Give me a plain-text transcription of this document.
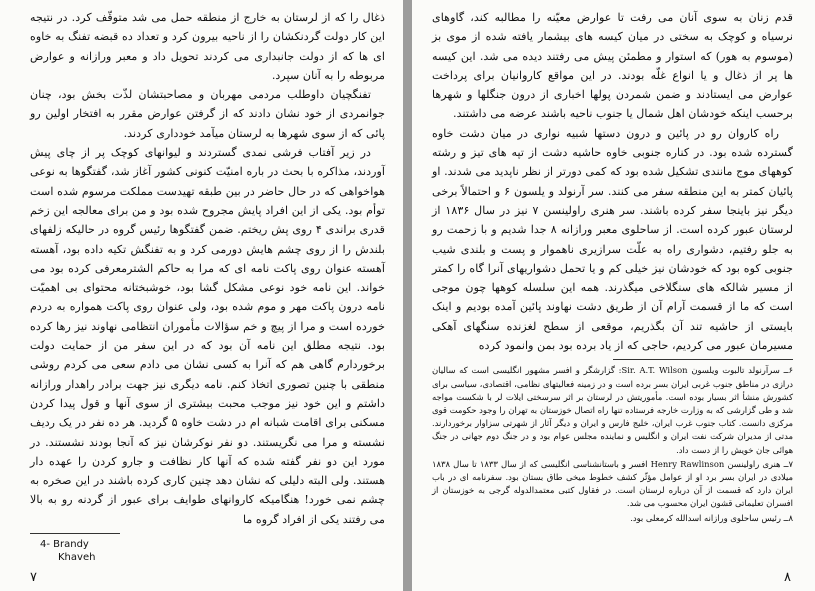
ذغال را که از لرستان به خارج از منطقه حمل می شد متوقّف کرد. در نتیجه این کار دولت گردنکشان را از ناحیه بیرون کرد و تعداد ده قبضه تفنگ به خاوه ای ها که از دولت جانبداری می کردند تحویل داد و معبر ورازانه و عوارض مربوطه را به آنان سپرد.

تفنگچیان داوطلب مردمی مهربان و مصاحبتشان لذّت بخش بود، چنان جوانمردی از خود نشان دادند که از گرفتن عوارض مقرر به افتخار اولین رو پائی که از سوی شهرها به لرستان میآمد خودداری کردند.

در زیر آفتاب فرشی نمدی گستردند و لیوانهای کوچک پر از چای پیش آوردند، مذاکره با بحث در باره امنیّت کنونی کشور آغاز شد، گفتگوها به نوعی هواخواهی که در حال حاضر در بین طبقه تهیدست مملکت مرسوم شده است توأم بود. یکی از این افراد پایش مجروح شده بود و من برای معالجه این زخم قدری براندی ۴ روی پش ریختم. ضمن گفتگوها رئیس گروه در حالیکه زلفهای بلندش را از روی چشم هایش دورمی کرد و به تفنگش تکیه داده بود، آهسته آهسته عنوان روی پاکت نامه ای که مرا به حاکم الشترمعرفی کرده بود می خواند. این نامه خود نوعی مشکل گشا بود، خوشبختانه محتوای بی اهمیّت نامه درون پاکت مهر و موم شده بود، ولی عنوان روی پاکت همواره به دردم خورده است و مرا از پیچ و خم سؤالات مأموران انتظامی نهاوند نیز رها کرده بود. نتیجه مطلق این نامه آن بود که در این سفر من از حمایت دولت برخوردارم گاهی هم که آنرا به کسی نشان می دادم سعی می کردم روشی منطقی با چنین تصوری اتخاذ کنم. نامه دیگری نیز جهت برادر راهدار ورازانه داشتم و این خود نیز موجب محبت بیشتری از سوی آنها و قول پیدا کردن مسکنی برای اقامت شبانه ام در دشت خاوه ۵ گردید. هر ده نفر در یک ردیف نشسته و مرا می نگریستند. دو نفر نوکرشان نیز که آنجا بودند نشستند. در مورد این دو نفر گفته شده که آنها کار نظافت و جارو کردن را عهده دار هستند. ولی البته دلیلی که نشان دهد چنین کاری کرده باشند در این صخره به چشم نمی خورد! هنگامیکه کاروانهای طوایف برای عبور از گردنه رو به بالا می رفتند یکی از افراد گروه ما

4- Brandy
Khaveh
۷

قدم زنان به سوی آنان می رفت تا عوارض معیّنه را مطالبه کند، گاوهای نرسیاه و کوچک به سختی در میان کیسه های بیشمار یافته شده از موی بز (موسوم به هور) که استوار و مطمئن پیش می رفتند دیده می شد. این کیسه ها پر از ذغال و یا انواع غلّه بودند. در این مواقع کاروانیان برای پرداخت عوارض می ایستادند و ضمن شمردن پولها اخباری از درون جنگلها و شهرها برحسب اینکه خودشان اهل شمال یا جنوب ناحیه باشند عرضه می داشتند.

راه کاروان رو در پائین و درون دستها شبیه نواری در میان دشت خاوه گسترده شده بود. در کناره جنوبی خاوه حاشیه دشت از تپه های تیز و رشته کوههای موج مانندی تشکیل شده بود که کمی دورتر از نظر ناپدید می شدند. او پائیان کمتر به این منطقه سفر می کنند. سر آرنولد و یلسون ۶ و احتمالاً برخی دیگر نیز باینجا سفر کرده باشند. سر هنری راولینسن ۷ نیز در سال ۱۸۳۶ از لرستان عبور کرده است. از ساحلوی معبر ورازانه ۸ جدا شدیم و با زحمت رو به جلو رفتیم، دشواری راه به علّت سرازیری ناهموار و پست و بلندی شیب جنوبی کوه بود که خودشان نیز خیلی کم و یا تحمل دشواریهای آنرا گاه را کمتر از مسیر شالکه های سنگلاخی میگذرند. همه این سلسله کوهها چون موجی است که ما از قسمت آرام آن از طریق دشت نهاوند پائین آمده بودیم و اینک بایستی از حاشیه تند آن بگذریم، موقعی از سطح لغزنده سنگهای آهکی مسیرمان عبور می کردیم، حاجی که از یاد برده بود بمن وانمود کرده

۶ــ سرآرنولد تالبوت ویلسون Sir. A.T. Wilson: گزارشگر و افسر مشهور انگلیسی است که سالیان درازی در مناطق جنوب غربی ایران بسر برده است و در زمینه فعالیتهای نظامی، اقتصادی، سیاسی برای کشورش منشأ اثر بسیار بوده است. مأموریتش در لرستان بر اثر سرسختی ایلات لر با شکست مواجه شد و طی گزارشی که به وزارت خارجه فرستاده تنها راه اتصال خوزستان به تهران را وجود حکومت قوی مرکزی دانست. کتاب جنوب غرب ایران، خلیج فارس و ایران و دیگر آثار از شهرتی سزاوار برخوردارند. مدتی از مدیران شرکت نفت ایران و انگلیس و نماینده مجلس عوام بود و در جنگ دوم جهانی در جنگ هوائی جان خویش را از دست داد.

۷ــ هنری راولینسن Henry Rawlinson افسر و باستانشناسی انگلیسی که از سال ۱۸۳۳ تا سال ۱۸۳۸ میلادی در ایران بسر برد او از عوامل مؤثّر کشف خطوط میخی طاق بستان بود. سفرنامه ای در باب ایران دارد که قسمت از آن درباره لرستان است. در فقاول کتبی معتمدالدوله گرجی به خوزستان از افسران تعلیماتی قشون ایران محسوب می شد.

۸ــ رئیس ساحلوی ورازانه اسدالله کرمعلی بود.

۸
